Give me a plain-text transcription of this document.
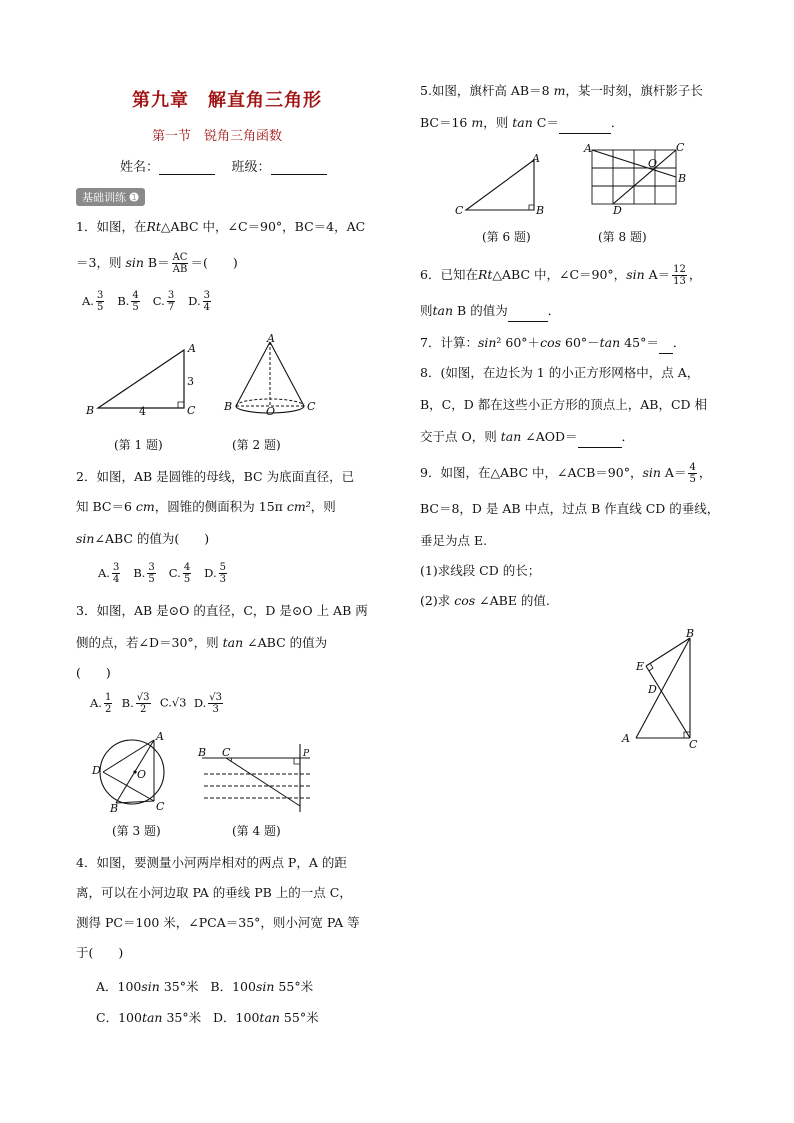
第九章　解直角三角形
第一节　锐角三角函数
姓名：	班级：
基础训练 ➊
1．如图，在Rt△ABC 中，∠C＝90°，BC＝4，AC
＝3，则 $\sin B= \frac{AC}{AB}$ ＝(　　)
A. $\frac{3}{5} B$. $\frac{4}{5} C$. $\frac{3}{7} D$. $\frac{3}{4}$
A
B	C
3
4
(第 1 题)
A
B	O	C
(第 2 题)
2．如图，AB 是圆锥的母线，BC 为底面直径，已
知 BC＝6 cm，圆锥的侧面积为 15π cm²，则
sin∠ABC 的值为(　　)
A. $\frac{3}{4} B$. $\frac{3}{5} C$. $\frac{4}{5} D$. $\frac{5}{3}$
3．如图，AB 是⊙O 的直径，C，D 是⊙O 上 AB 两
侧的点，若∠D＝30°，则 tan ∠ABC 的值为
(　　)
A. $\frac{1}{2} B$. $\frac{√3}{2} C.√3$ D. $\frac{√3}{3}$
A
O
D
B	C
(第 3 题)
B C	P
(第 4 题)
4．如图，要测量小河两岸相对的两点 P，A 的距
离，可以在小河边取 PA 的垂线 PB 上的一点 C，
测得 PC＝100 米，∠PCA＝35°，则小河宽 PA 等
于(　　)
A．100sin 35°米 B．100sin 55°米
C．100tan 35°米 D．100tan 55°米
5.如图，旗杆高 AB＝8 m，某一时刻，旗杆影子长
BC＝16 m，则 tan C＝	．
A
B
C
(第 6 题)
A
B
C
D
O
(第 8 题)
6．已知在Rt△ABC 中，∠C＝90°，$\sin A= \frac{12}{13}$ ，
则tan B 的值为	．
7．计算：sin² 60°＋cos 60°－tan 45°＝ ．
8．(如图，在边长为 1 的小正方形网格中，点 A，
B，C，D 都在这些小正方形的顶点上，AB，CD 相
交于点 O，则 tan ∠AOD＝	．
9．如图，在△ABC 中，∠ACB＝90°，$\sin A= \frac{4}{5}$ ，
BC＝8，D 是 AB 中点，过点 B 作直线 CD 的垂线，
垂足为点 E.
(1)求线段 CD 的长；
(2)求 cos ∠ABE 的值.
B
E
D
A	C
